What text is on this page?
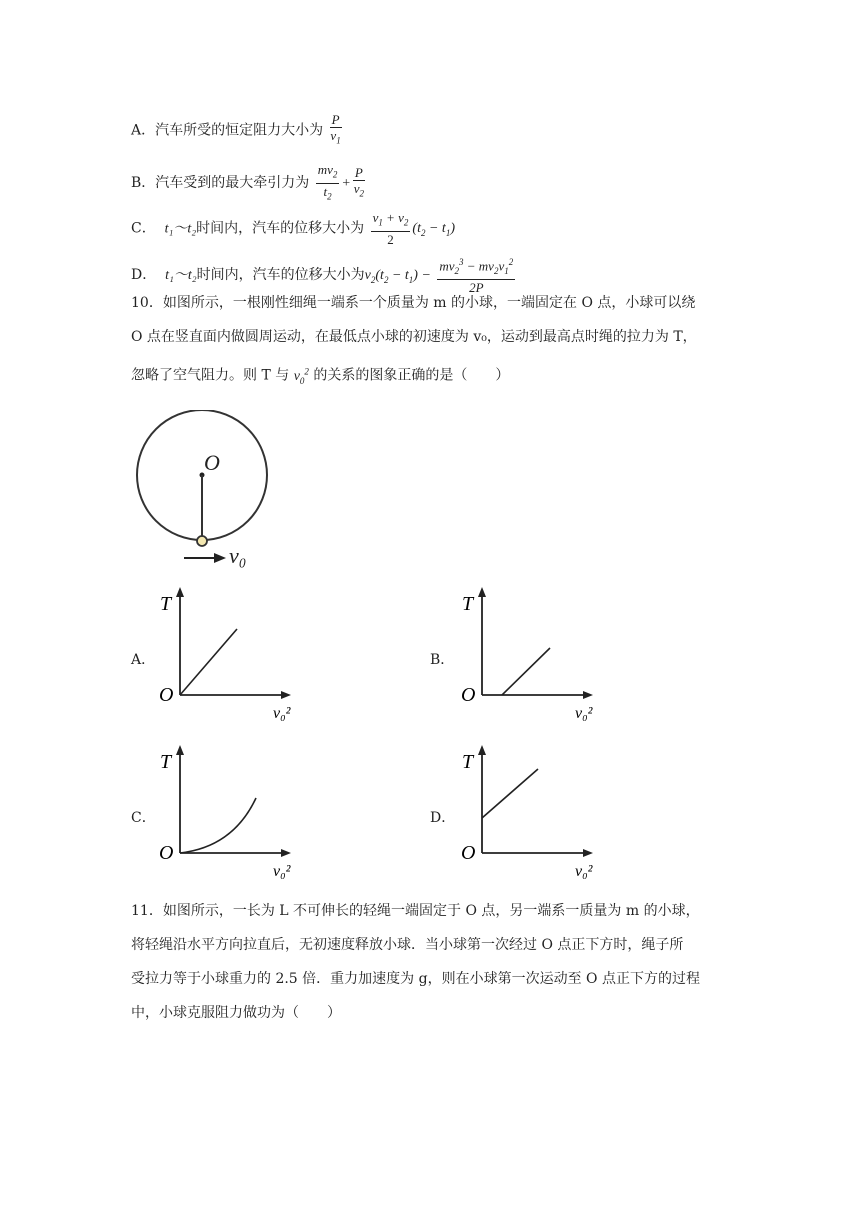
A．汽车所受的恒定阻力大小为 $\frac{P}{v_1}$
B．汽车受到的最大牵引力为 $\frac{mv_2}{t_2} + \frac{P}{v_2}$
C． t₁～t₂时间内，汽车的位移大小为 $\frac{v_1 + v_2}{2} (t_2 - t_1)$
D． t₁～t₂时间内，汽车的位移大小为$v_2(t_2 - t_1) - \frac{mv_2^3 - mv_2v_1^2}{2P}$
10．如图所示，一根刚性细绳一端系一个质量为 m 的小球，一端固定在 O 点，小球可以绕
O 点在竖直面内做圆周运动，在最低点小球的初速度为 v₀，运动到最高点时绳的拉力为 T，
忽略了空气阻力。则 T 与 $v_0^2$ 的关系的图象正确的是（　　）
O
v₀
A．
T
O
v₀²
B．
T
O
v₀²
C．
T
O
v₀²
D．
T
O
v₀²
11．如图所示，一长为 L 不可伸长的轻绳一端固定于 O 点，另一端系一质量为 m 的小球，
将轻绳沿水平方向拉直后，无初速度释放小球．当小球第一次经过 O 点正下方时，绳子所
受拉力等于小球重力的 2.5 倍．重力加速度为 g，则在小球第一次运动至 O 点正下方的过程
中，小球克服阻力做功为（　　）
